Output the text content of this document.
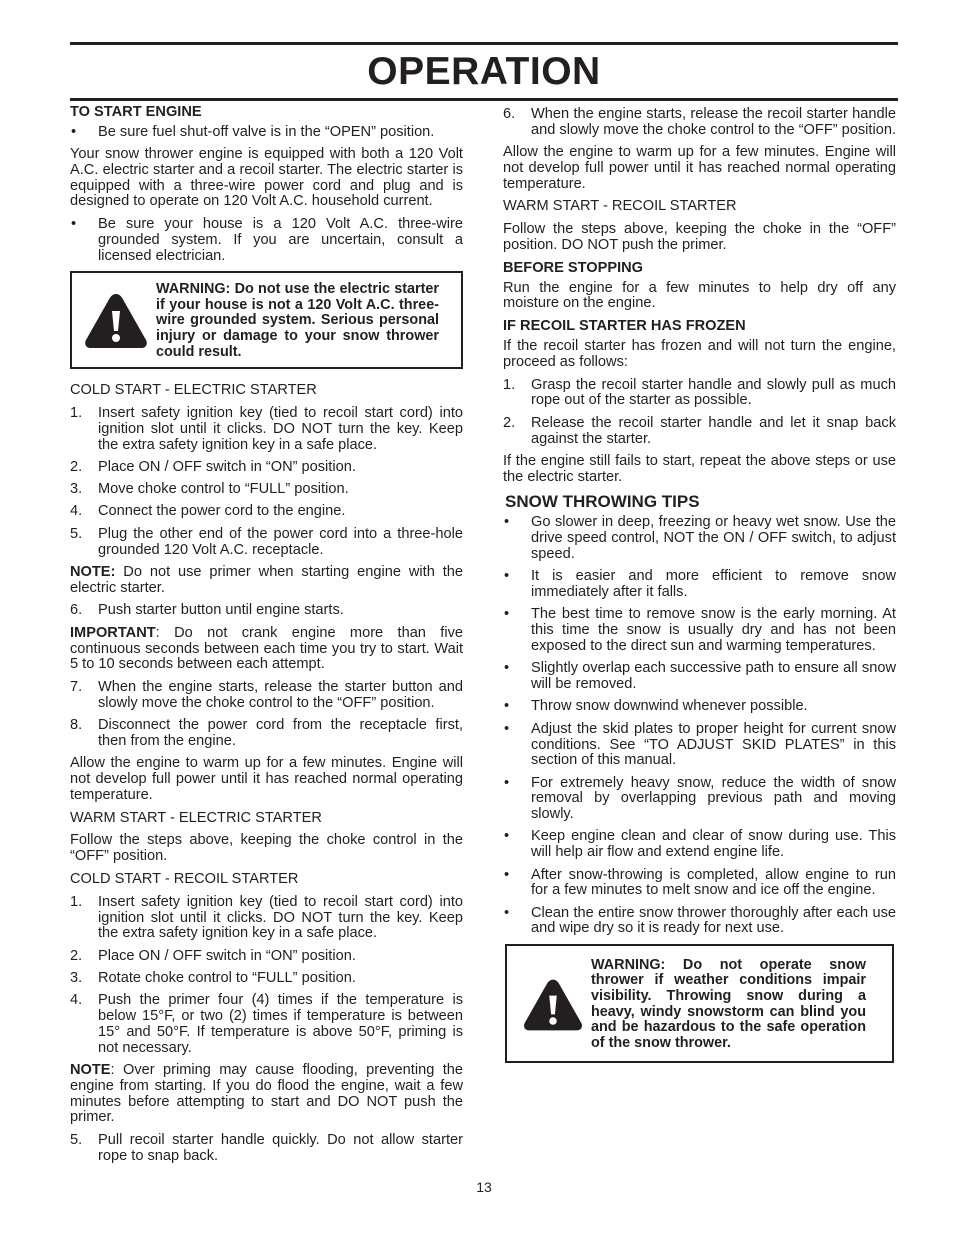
OPERATION
TO START ENGINE
•	Be sure fuel shut-off valve is in the “OPEN” position.

Your snow thrower engine is equipped with both a 120 Volt A.C. electric starter and a recoil starter. The electric starter is equipped with a three-wire power cord and plug and is designed to operate on 120 Volt A.C. household current.

•	Be sure your house is a 120 Volt A.C. three-wire grounded system. If you are uncertain, consult a licensed electrician.
WARNING: Do not use the electric starter if your house is not a 120 Volt A.C. three-wire grounded system. Serious personal injury or damage to your snow thrower could result.
COLD START - ELECTRIC STARTER
1.	Insert safety ignition key (tied to recoil start cord) into ignition slot until it clicks. DO NOT turn the key. Keep the extra safety ignition key in a safe place.
2.	Place ON / OFF switch in “ON” position.
3.	Move choke control to “FULL” position.
4.	Connect the power cord to the engine.
5.	Plug the other end of the power cord into a three-hole grounded 120 Volt A.C. receptacle.

NOTE: Do not use primer when starting engine with the electric starter.

6.	Push starter button until engine starts.

IMPORTANT: Do not crank engine more than five continuous seconds between each time you try to start. Wait 5 to 10 seconds between each attempt.

7.	When the engine starts, release the starter button and slowly move the choke control to the “OFF” position.
8.	Disconnect the power cord from the receptacle first, then from the engine.

Allow the engine to warm up for a few minutes. Engine will not develop full power until it has reached normal operating temperature.

WARM START - ELECTRIC STARTER

Follow the steps above, keeping the choke control in the “OFF” position.

COLD START - RECOIL STARTER
1.	Insert safety ignition key (tied to recoil start cord) into ignition slot until it clicks. DO NOT turn the key. Keep the extra safety ignition key in a safe place.
2.	Place ON / OFF switch in “ON” position.
3.	Rotate choke control to “FULL” position.
4.	Push the primer four (4) times if the temperature is below 15°F, or two (2) times if temperature is between 15° and 50°F. If temperature is above 50°F, priming is not necessary.

NOTE: Over priming may cause flooding, preventing the engine from starting. If you do flood the engine, wait a few minutes before attempting to start and DO NOT push the primer.

5.	Pull recoil starter handle quickly. Do not allow starter rope to snap back.
6.	When the engine starts, release the recoil starter handle and slowly move the choke control to the “OFF” position.

Allow the engine to warm up for a few minutes. Engine will not develop full power until it has reached normal operating temperature.

WARM START - RECOIL STARTER

Follow the steps above, keeping the choke in the “OFF” position. DO NOT push the primer.

BEFORE STOPPING

Run the engine for a few minutes to help dry off any moisture on the engine.

IF RECOIL STARTER HAS FROZEN

If the recoil starter has frozen and will not turn the engine, proceed as follows:

1.	Grasp the recoil starter handle and slowly pull as much rope out of the starter as possible.
2.	Release the recoil starter handle and let it snap back against the starter.

If the engine still fails to start, repeat the above steps or use the electric starter.

SNOW THROWING TIPS
•	Go slower in deep, freezing or heavy wet snow. Use the drive speed control, NOT the ON / OFF switch, to adjust speed.
•	It is easier and more efficient to remove snow immediately after it falls.
•	The best time to remove snow is the early morning. At this time the snow is usually dry and has not been exposed to the direct sun and warming temperatures.
•	Slightly overlap each successive path to ensure all snow will be removed.
•	Throw snow downwind whenever possible.
•	Adjust the skid plates to proper height for current snow conditions. See “TO ADJUST SKID PLATES” in this section of this manual.
•	For extremely heavy snow, reduce the width of snow removal by overlapping previous path and moving slowly.
•	Keep engine clean and clear of snow during use. This will help air flow and extend engine life.
•	After snow-throwing is completed, allow engine to run for a few minutes to melt snow and ice off the engine.
•	Clean the entire snow thrower thoroughly after each use and wipe dry so it is ready for next use.
WARNING: Do not operate snow thrower if weather conditions impair visibility. Throwing snow during a heavy, windy snowstorm can blind you and be hazardous to the safe operation of the snow thrower.
13
